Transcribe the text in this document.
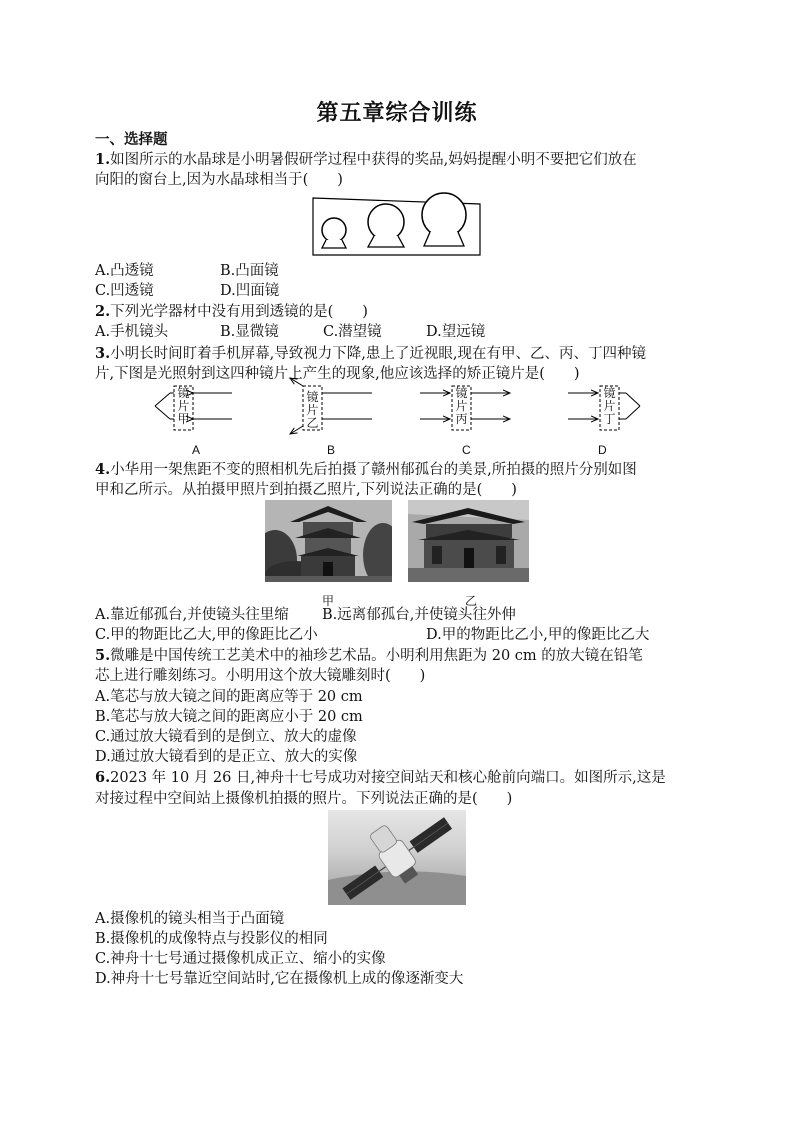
第五章综合训练
一、选择题
1.如图所示的水晶球是小明暑假研学过程中获得的奖品,妈妈提醒小明不要把它们放在
向阳的窗台上,因为水晶球相当于(　　)
A.凸透镜	B.凸面镜
C.凹透镜	D.凹面镜
2.下列光学器材中没有用到透镜的是(　　)
A.手机镜头	B.显微镜	C.潜望镜	D.望远镜
3.小明长时间盯着手机屏幕,导致视力下降,患上了近视眼,现在有甲、乙、丙、丁四种镜
片,下图是光照射到这四种镜片上产生的现象,他应该选择的矫正镜片是(　　)
镜
片
甲
镜
片
乙
镜
片
丙
镜
片
丁
A	B	C	D
4.小华用一架焦距不变的照相机先后拍摄了赣州郁孤台的美景,所拍摄的照片分别如图
甲和乙所示。从拍摄甲照片到拍摄乙照片,下列说法正确的是(　　)
甲	乙
A.靠近郁孤台,并使镜头往里缩 B.远离郁孤台,并使镜头往外伸
C.甲的物距比乙大,甲的像距比乙小	D.甲的物距比乙小,甲的像距比乙大
5.微雕是中国传统工艺美术中的袖珍艺术品。小明利用焦距为 20 cm 的放大镜在铅笔
芯上进行雕刻练习。小明用这个放大镜雕刻时(　　)
A.笔芯与放大镜之间的距离应等于 20 cm
B.笔芯与放大镜之间的距离应小于 20 cm
C.通过放大镜看到的是倒立、放大的虚像
D.通过放大镜看到的是正立、放大的实像
6.2023 年 10 月 26 日,神舟十七号成功对接空间站天和核心舱前向端口。如图所示,这是
对接过程中空间站上摄像机拍摄的照片。下列说法正确的是(　　)
A.摄像机的镜头相当于凸面镜
B.摄像机的成像特点与投影仪的相同
C.神舟十七号通过摄像机成正立、缩小的实像
D.神舟十七号靠近空间站时,它在摄像机上成的像逐渐变大
